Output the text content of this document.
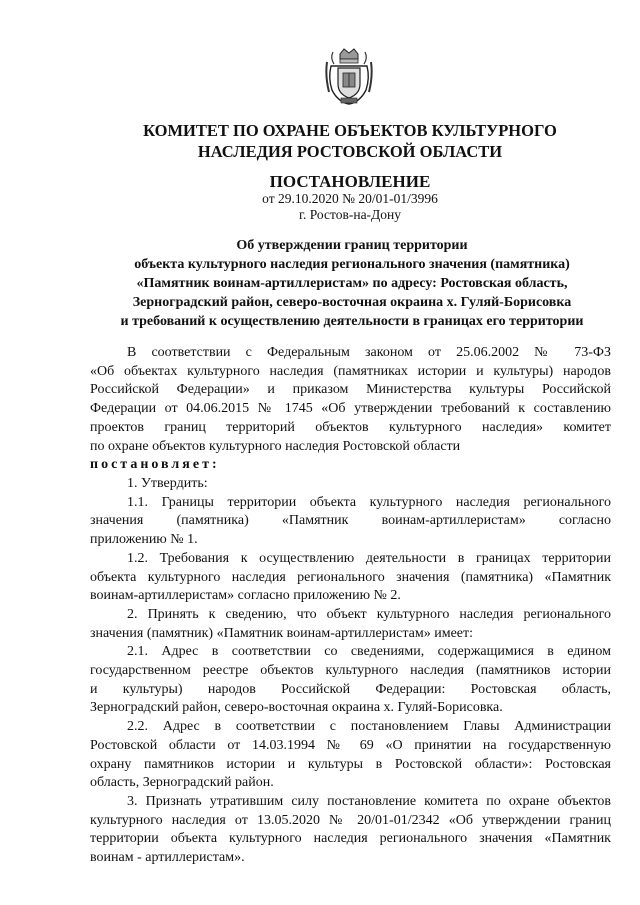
КОМИТЕТ ПО ОХРАНЕ ОБЪЕКТОВ КУЛЬТУРНОГО
НАСЛЕДИЯ РОСТОВСКОЙ ОБЛАСТИ
ПОСТАНОВЛЕНИЕ
от 29.10.2020 № 20/01-01/3996
г. Ростов-на-Дону
Об утверждении границ территории
объекта культурного наследия регионального значения (памятника)
«Памятник воинам-артиллеристам» по адресу: Ростовская область,
Зерноградский район, северо-восточная окраина х. Гуляй-Борисовка
и требований к осуществлению деятельности в границах его территории
В соответствии с Федеральным законом от 25.06.2002 № 73-ФЗ
«Об объектах культурного наследия (памятниках истории и культуры) народов
Российской Федерации» и приказом Министерства культуры Российской
Федерации от 04.06.2015 № 1745 «Об утверждении требований к составлению
проектов границ территорий объектов культурного наследия» комитет
по охране объектов культурного наследия Ростовской области
постановляет:
1. Утвердить:
1.1. Границы территории объекта культурного наследия регионального
значения (памятника) «Памятник воинам-артиллеристам» согласно
приложению № 1.
1.2. Требования к осуществлению деятельности в границах территории
объекта культурного наследия регионального значения (памятника) «Памятник
воинам-артиллеристам» согласно приложению № 2.
2. Принять к сведению, что объект культурного наследия регионального
значения (памятник) «Памятник воинам-артиллеристам» имеет:
2.1. Адрес в соответствии со сведениями, содержащимися в едином
государственном реестре объектов культурного наследия (памятников истории
и культуры) народов Российской Федерации: Ростовская область,
Зерноградский район, северо-восточная окраина х. Гуляй-Борисовка.
2.2. Адрес в соответствии с постановлением Главы Администрации
Ростовской области от 14.03.1994 № 69 «О принятии на государственную
охрану памятников истории и культуры в Ростовской области»: Ростовская
область, Зерноградский район.
3. Признать утратившим силу постановление комитета по охране объектов
культурного наследия от 13.05.2020 № 20/01-01/2342 «Об утверждении границ
территории объекта культурного наследия регионального значения «Памятник
воинам - артиллеристам».
